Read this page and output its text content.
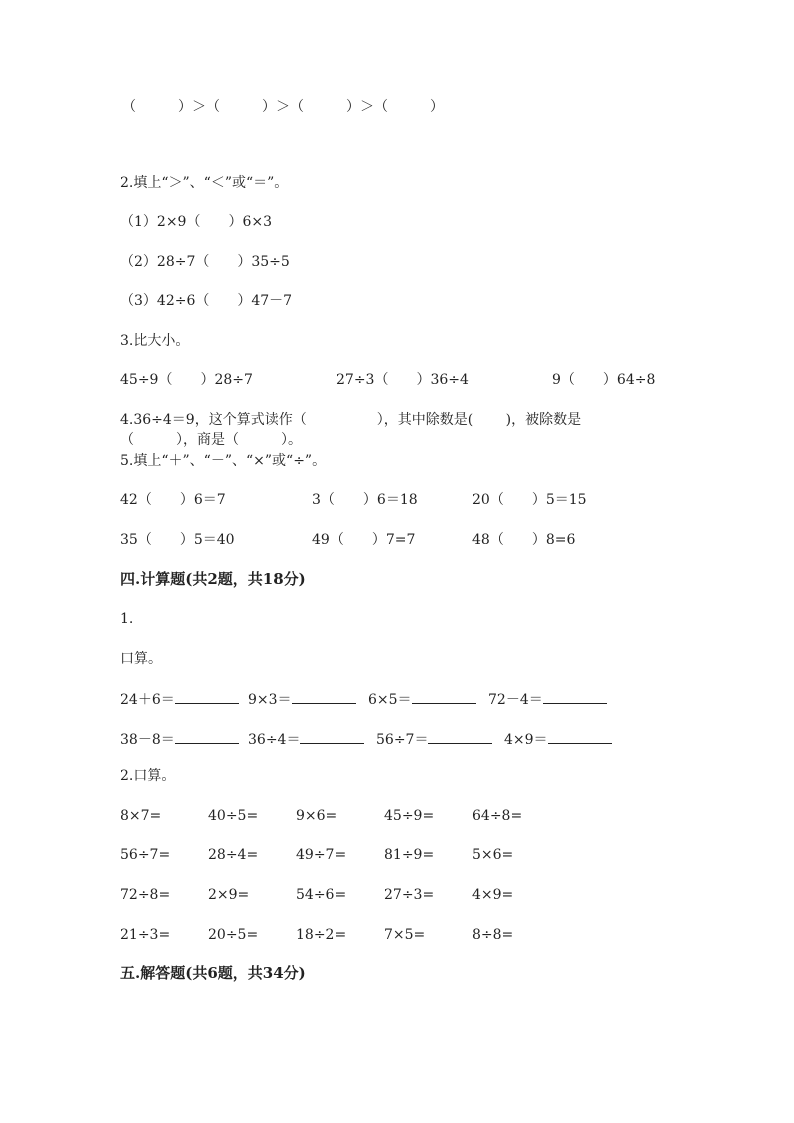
（　　　）＞（　　　）＞（　　　）＞（　　　）
2.填上“＞”、“＜”或“＝”。
（1）2×9（　　）6×3
（2）28÷7（　　）35÷5
（3）42÷6（　　）47－7
3.比大小。
45÷9（　　）28÷7	27÷3（　　）36÷4	9（　　）64÷8
4.36÷4＝9，这个算式读作（　　　　　），其中除数是(　　 )，被除数是
（　　　），商是（　　　）。
5.填上“＋”、“－”、“×”或“÷”。
42（　　）6＝7	3（　　）6＝18	20（　　）5＝15
35（　　）5＝40	49（　　）7=7	48（　　）8=6
四.计算题(共2题，共18分)
1.
口算。
24＋6＝	9×3＝	6×5＝	72－4＝
38－8＝	36÷4＝	56÷7＝	4×9＝
2.口算。
8×7=	40÷5=	9×6=	45÷9=	64÷8=
56÷7=	28÷4=	49÷7=	81÷9=	5×6=
72÷8=	2×9=	54÷6=	27÷3=	4×9=
21÷3=	20÷5=	18÷2=	7×5=	8÷8=
五.解答题(共6题，共34分)
